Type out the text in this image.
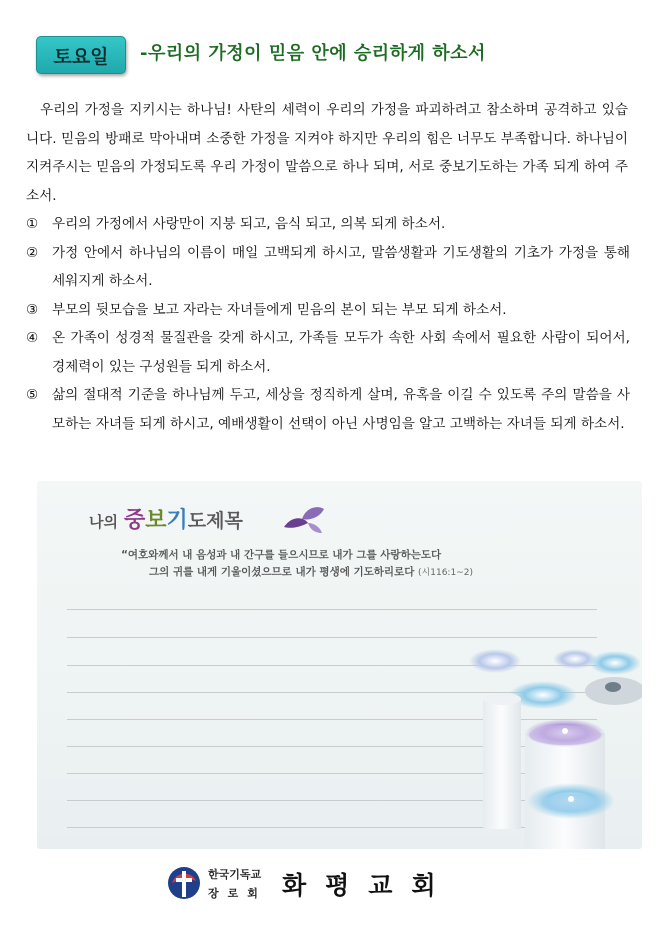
토요일	-우리의 가정이 믿음 안에 승리하게 하소서

우리의 가정을 지키시는 하나님! 사탄의 세력이 우리의 가정을 파괴하려고 참소하며 공격하고 있습니다. 믿음의 방패로 막아내며 소중한 가정을 지켜야 하지만 우리의 힘은 너무도 부족합니다. 하나님이 지켜주시는 믿음의 가정되도록 우리 가정이 말씀으로 하나 되며, 서로 중보기도하는 가족 되게 하여 주소서.

①	우리의 가정에서 사랑만이 지붕 되고, 음식 되고, 의복 되게 하소서.
②	가정 안에서 하나님의 이름이 매일 고백되게 하시고, 말씀생활과 기도생활의 기초가 가정을 통해 세워지게 하소서.
③	부모의 뒷모습을 보고 자라는 자녀들에게 믿음의 본이 되는 부모 되게 하소서.
④	온 가족이 성경적 물질관을 갖게 하시고, 가족들 모두가 속한 사회 속에서 필요한 사람이 되어서, 경제력이 있는 구성원들 되게 하소서.
⑤	삶의 절대적 기준을 하나님께 두고, 세상을 정직하게 살며, 유혹을 이길 수 있도록 주의 말씀을 사모하는 자녀들 되게 하시고, 예배생활이 선택이 아닌 사명임을 알고 고백하는 자녀들 되게 하소서.
나의 중보기도제목
“여호와께서 내 음성과 내 간구를 들으시므로 내가 그를 사랑하는도다
그의 귀를 내게 기울이셨으므로 내가 평생에 기도하리로다 (시116:1~2)
한국기독교
장로회 화평교회
